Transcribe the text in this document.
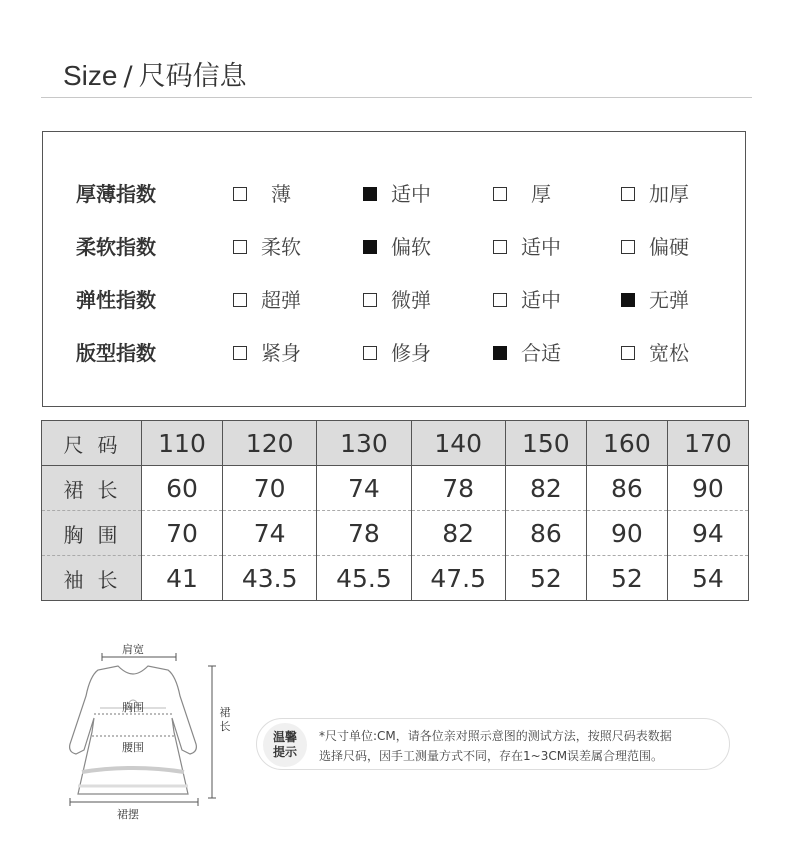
Size / 尺码信息
厚薄指数	薄	适中	厚	加厚
柔软指数	柔软	偏软	适中	偏硬
弹性指数	超弹	微弹	适中	无弹
版型指数	紧身	修身	合适	宽松
尺码	110	120	130	140	150	160	170
裙长	60	70	74	78	82	86	90
胸围	70	74	78	82	86	90	94
袖长	41	43.5	45.5	47.5	52	52	54
肩宽
胸围
腰围
裙摆
裙
长
温馨
提示
*尺寸单位:CM，请各位亲对照示意图的测试方法，按照尺码表数据
选择尺码，因手工测量方式不同，存在1~3CM误差属合理范围。
